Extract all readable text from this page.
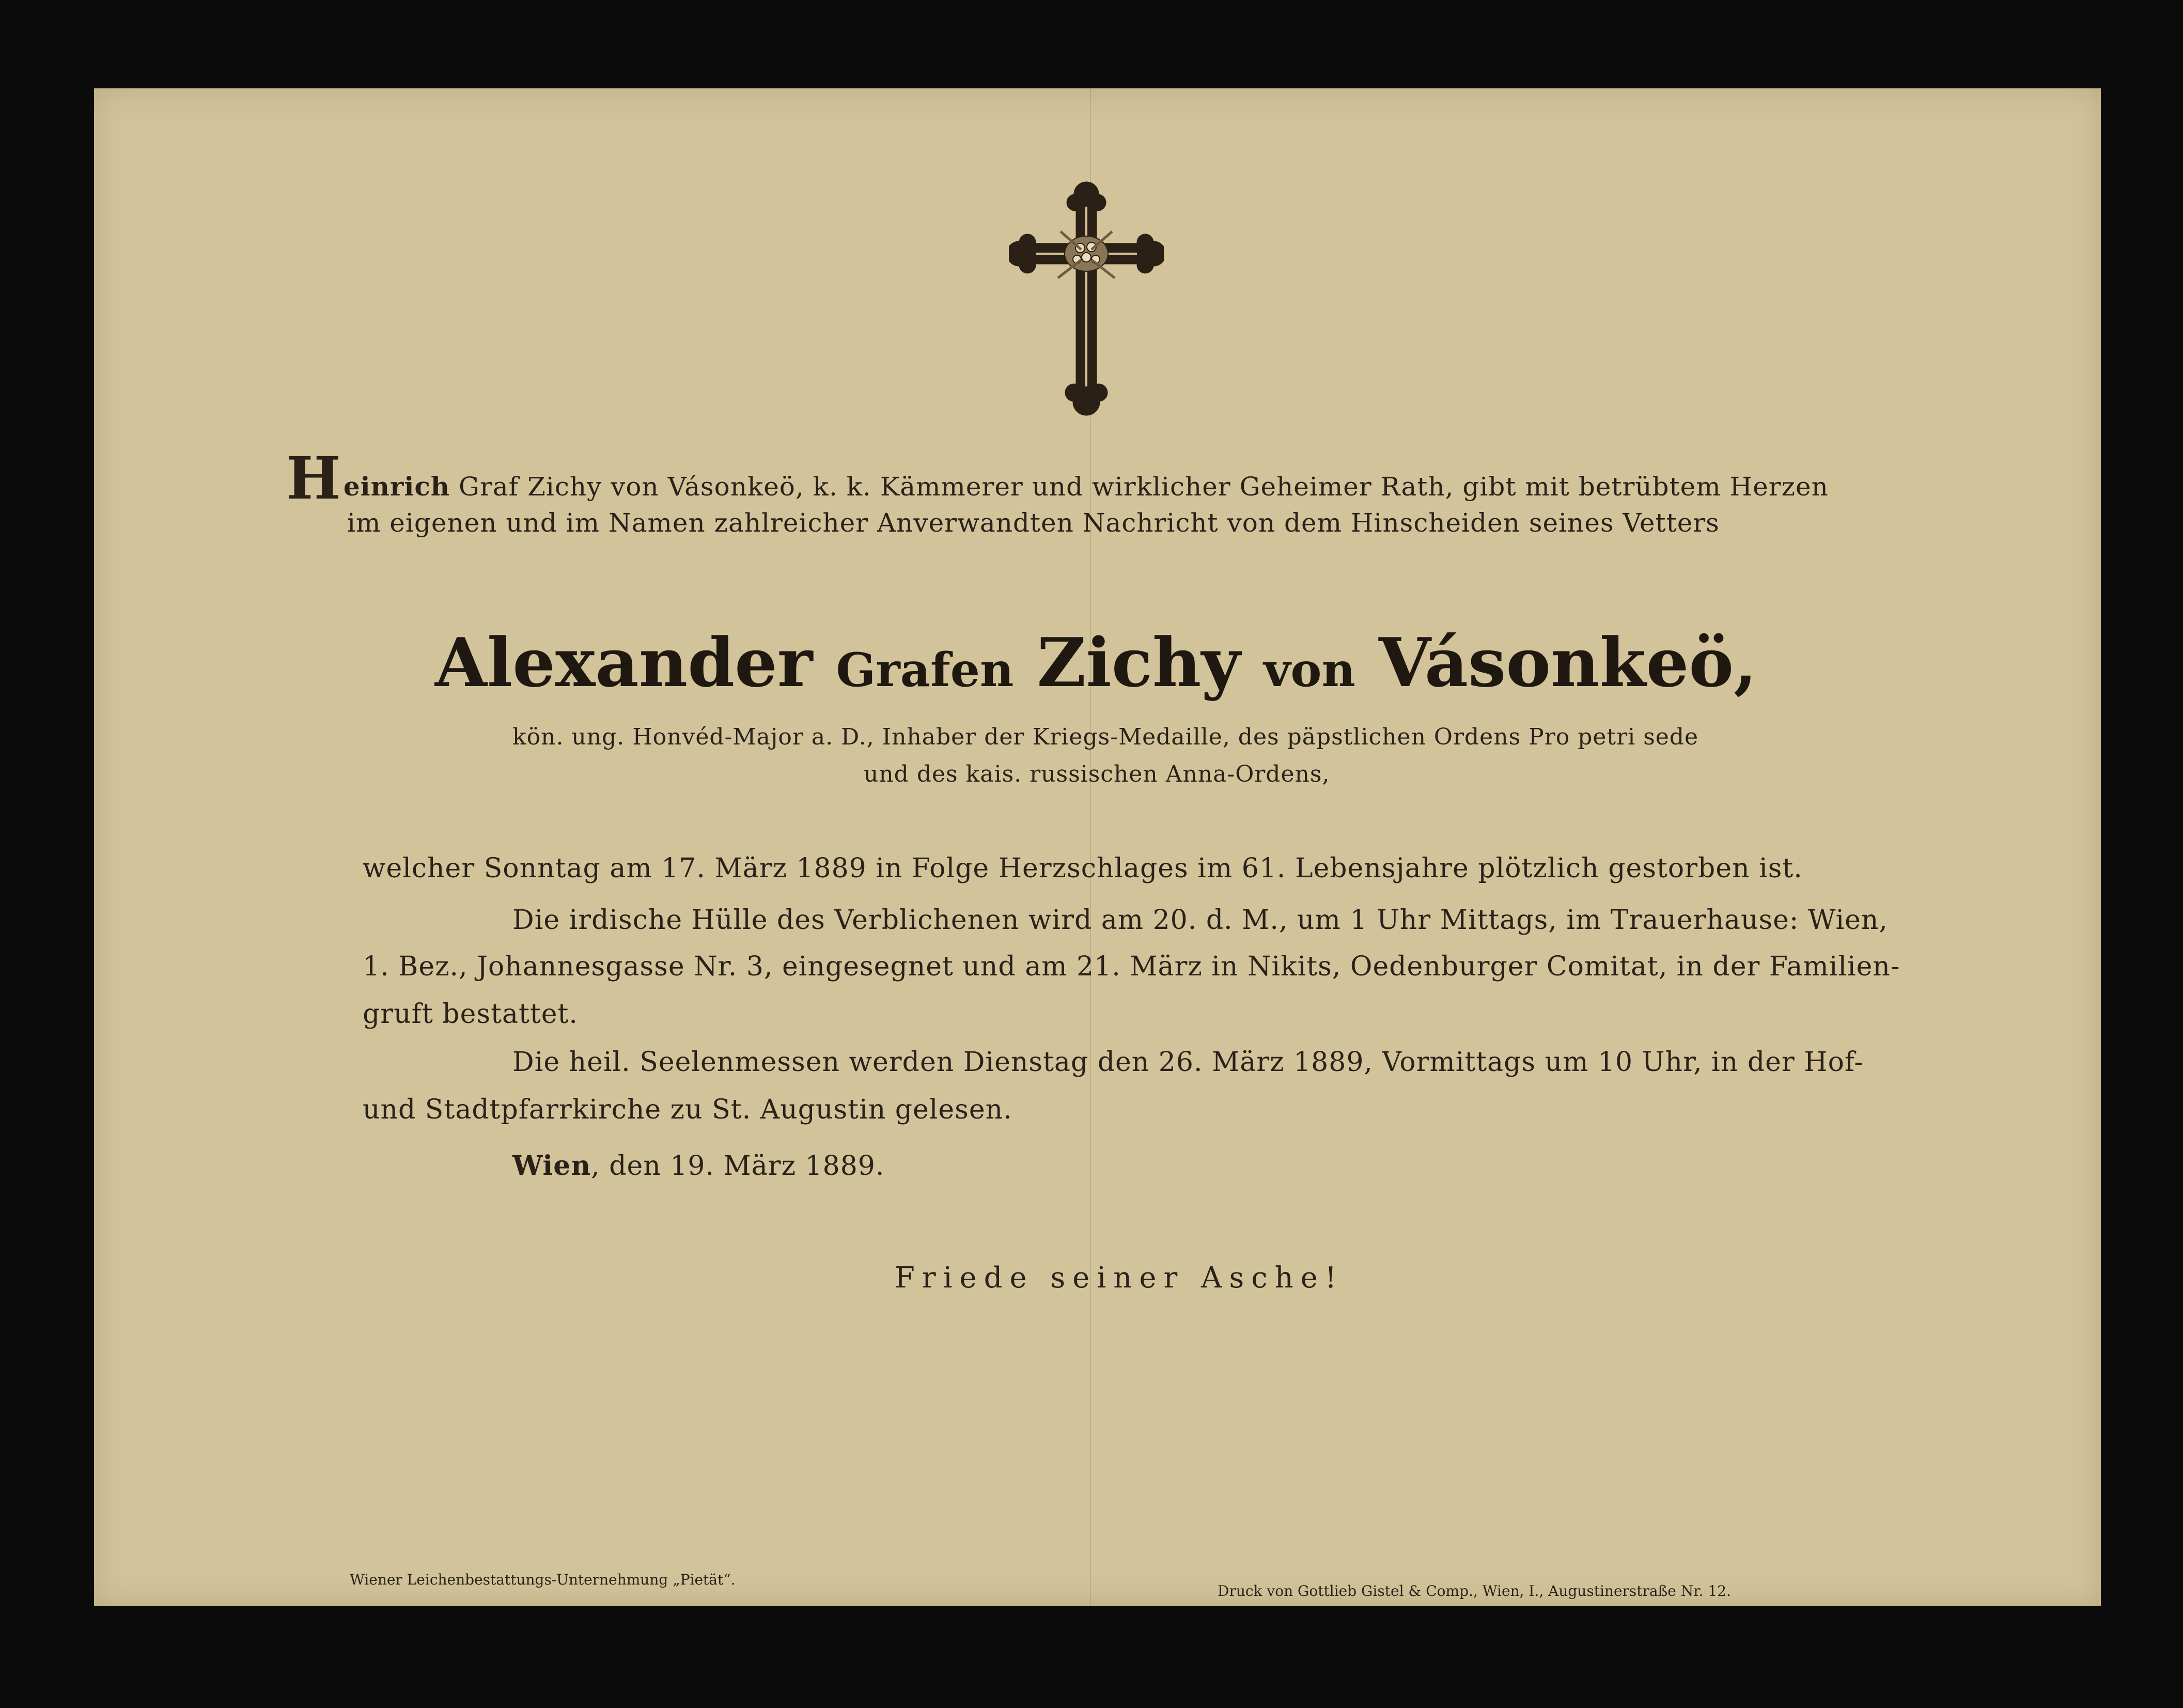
Heinrich Graf Zichy von Vásonkeö, k. k. Kämmerer und wirklicher Geheimer Rath, gibt mit betrübtem Herzen
im eigenen und im Namen zahlreicher Anverwandten Nachricht von dem Hinscheiden seines Vetters
Alexander Grafen Zichy von Vásonkeö,
kön. ung. Honvéd-Major a. D., Inhaber der Kriegs-Medaille, des päpstlichen Ordens Pro petri sede
und des kais. russischen Anna-Ordens,
welcher Sonntag am 17. März 1889 in Folge Herzschlages im 61. Lebensjahre plötzlich gestorben ist.
Die irdische Hülle des Verblichenen wird am 20. d. M., um 1 Uhr Mittags, im Trauerhause: Wien,
1. Bez., Johannesgasse Nr. 3, eingesegnet und am 21. März in Nikits, Oedenburger Comitat, in der Familien-
gruft bestattet.
Die heil. Seelenmessen werden Dienstag den 26. März 1889, Vormittags um 10 Uhr, in der Hof-
und Stadtpfarrkirche zu St. Augustin gelesen.
Wien, den 19. März 1889.
Friede seiner Asche!
Wiener Leichenbestattungs-Unternehmung „Pietät“.
Druck von Gottlieb Gistel & Comp., Wien, I., Augustinerstraße Nr. 12.
